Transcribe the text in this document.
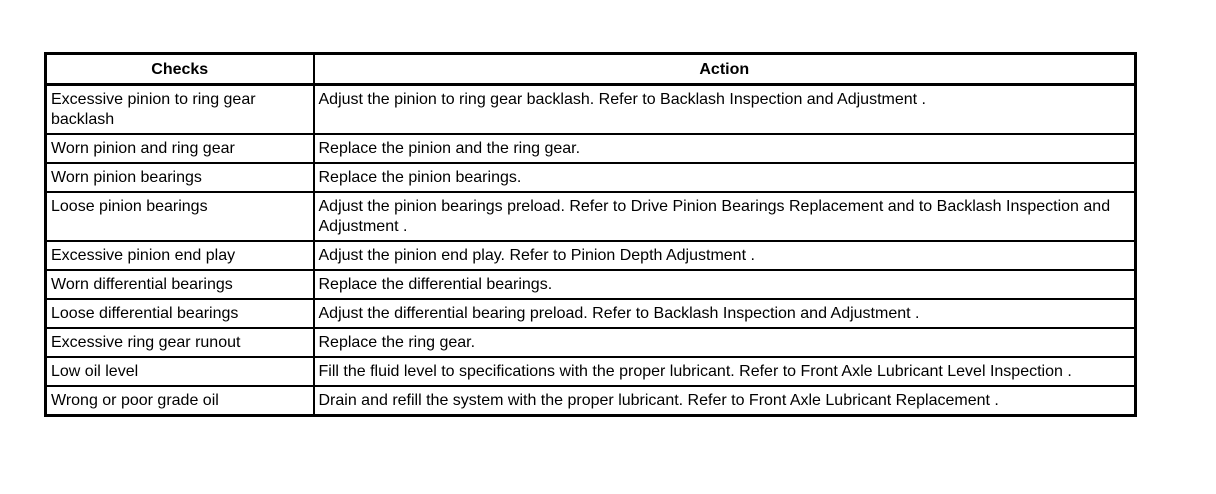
Checks	Action
Excessive pinion to ring gear backlash	Adjust the pinion to ring gear backlash. Refer to Backlash Inspection and Adjustment .
Worn pinion and ring gear	Replace the pinion and the ring gear.
Worn pinion bearings	Replace the pinion bearings.
Loose pinion bearings	Adjust the pinion bearings preload. Refer to Drive Pinion Bearings Replacement and to Backlash Inspection and Adjustment .
Excessive pinion end play	Adjust the pinion end play. Refer to Pinion Depth Adjustment .
Worn differential bearings	Replace the differential bearings.
Loose differential bearings	Adjust the differential bearing preload. Refer to Backlash Inspection and Adjustment .
Excessive ring gear runout	Replace the ring gear.
Low oil level	Fill the fluid level to specifications with the proper lubricant. Refer to Front Axle Lubricant Level Inspection .
Wrong or poor grade oil	Drain and refill the system with the proper lubricant. Refer to Front Axle Lubricant Replacement .
